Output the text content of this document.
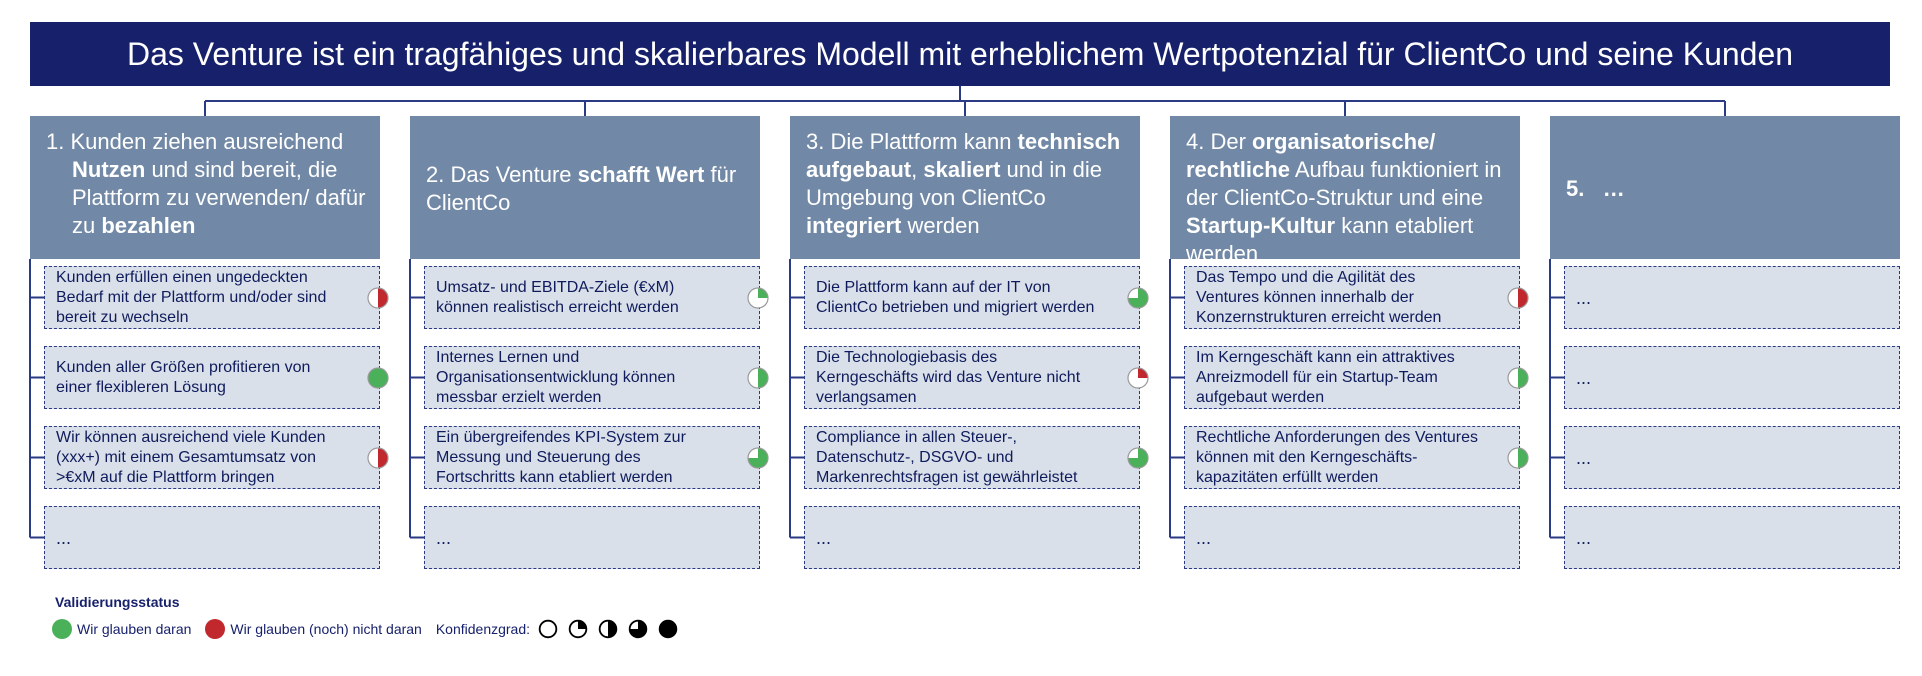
Das Venture ist ein tragfähiges und skalierbares Modell mit erheblichem Wertpotenzial für ClientCo und seine Kunden
1. Kunden ziehen ausreichend Nutzen und sind bereit, die Plattform zu verwenden/ dafür zu bezahlen
Kunden erfüllen einen ungedeckten Bedarf mit der Plattform und/oder sind bereit zu wechseln
Kunden aller Größen profitieren von einer flexibleren Lösung
Wir können ausreichend viele Kunden (xxx+) mit einem Gesamtumsatz von >€xM auf die Plattform bringen
...
2. Das Venture schafft Wert für ClientCo
Umsatz- und EBITDA-Ziele (€xM) können realistisch erreicht werden
Internes Lernen und Organisationsentwicklung können messbar erzielt werden
Ein übergreifendes KPI-System zur Messung und Steuerung des Fortschritts kann etabliert werden
...
3. Die Plattform kann technisch aufgebaut, skaliert und in die Umgebung von ClientCo integriert werden
Die Plattform kann auf der IT von ClientCo betrieben und migriert werden
Die Technologiebasis des Kerngeschäfts wird das Venture nicht verlangsamen
Compliance in allen Steuer-, Datenschutz-, DSGVO- und Markenrechtsfragen ist gewährleistet
...
4. Der organisatorische/ rechtliche Aufbau funktioniert in der ClientCo-Struktur und eine Startup-Kultur kann etabliert werden
Das Tempo und die Agilität des Ventures können innerhalb der Konzernstrukturen erreicht werden
Im Kerngeschäft kann ein attraktives Anreizmodell für ein Startup-Team aufgebaut werden
Rechtliche Anforderungen des Ventures können mit den Kerngeschäfts-kapazitäten erfüllt werden
...
5.   …
...
...
...
...
Validierungsstatus
Wir glauben daran	Wir glauben (noch) nicht daran Konfidenzgrad:
